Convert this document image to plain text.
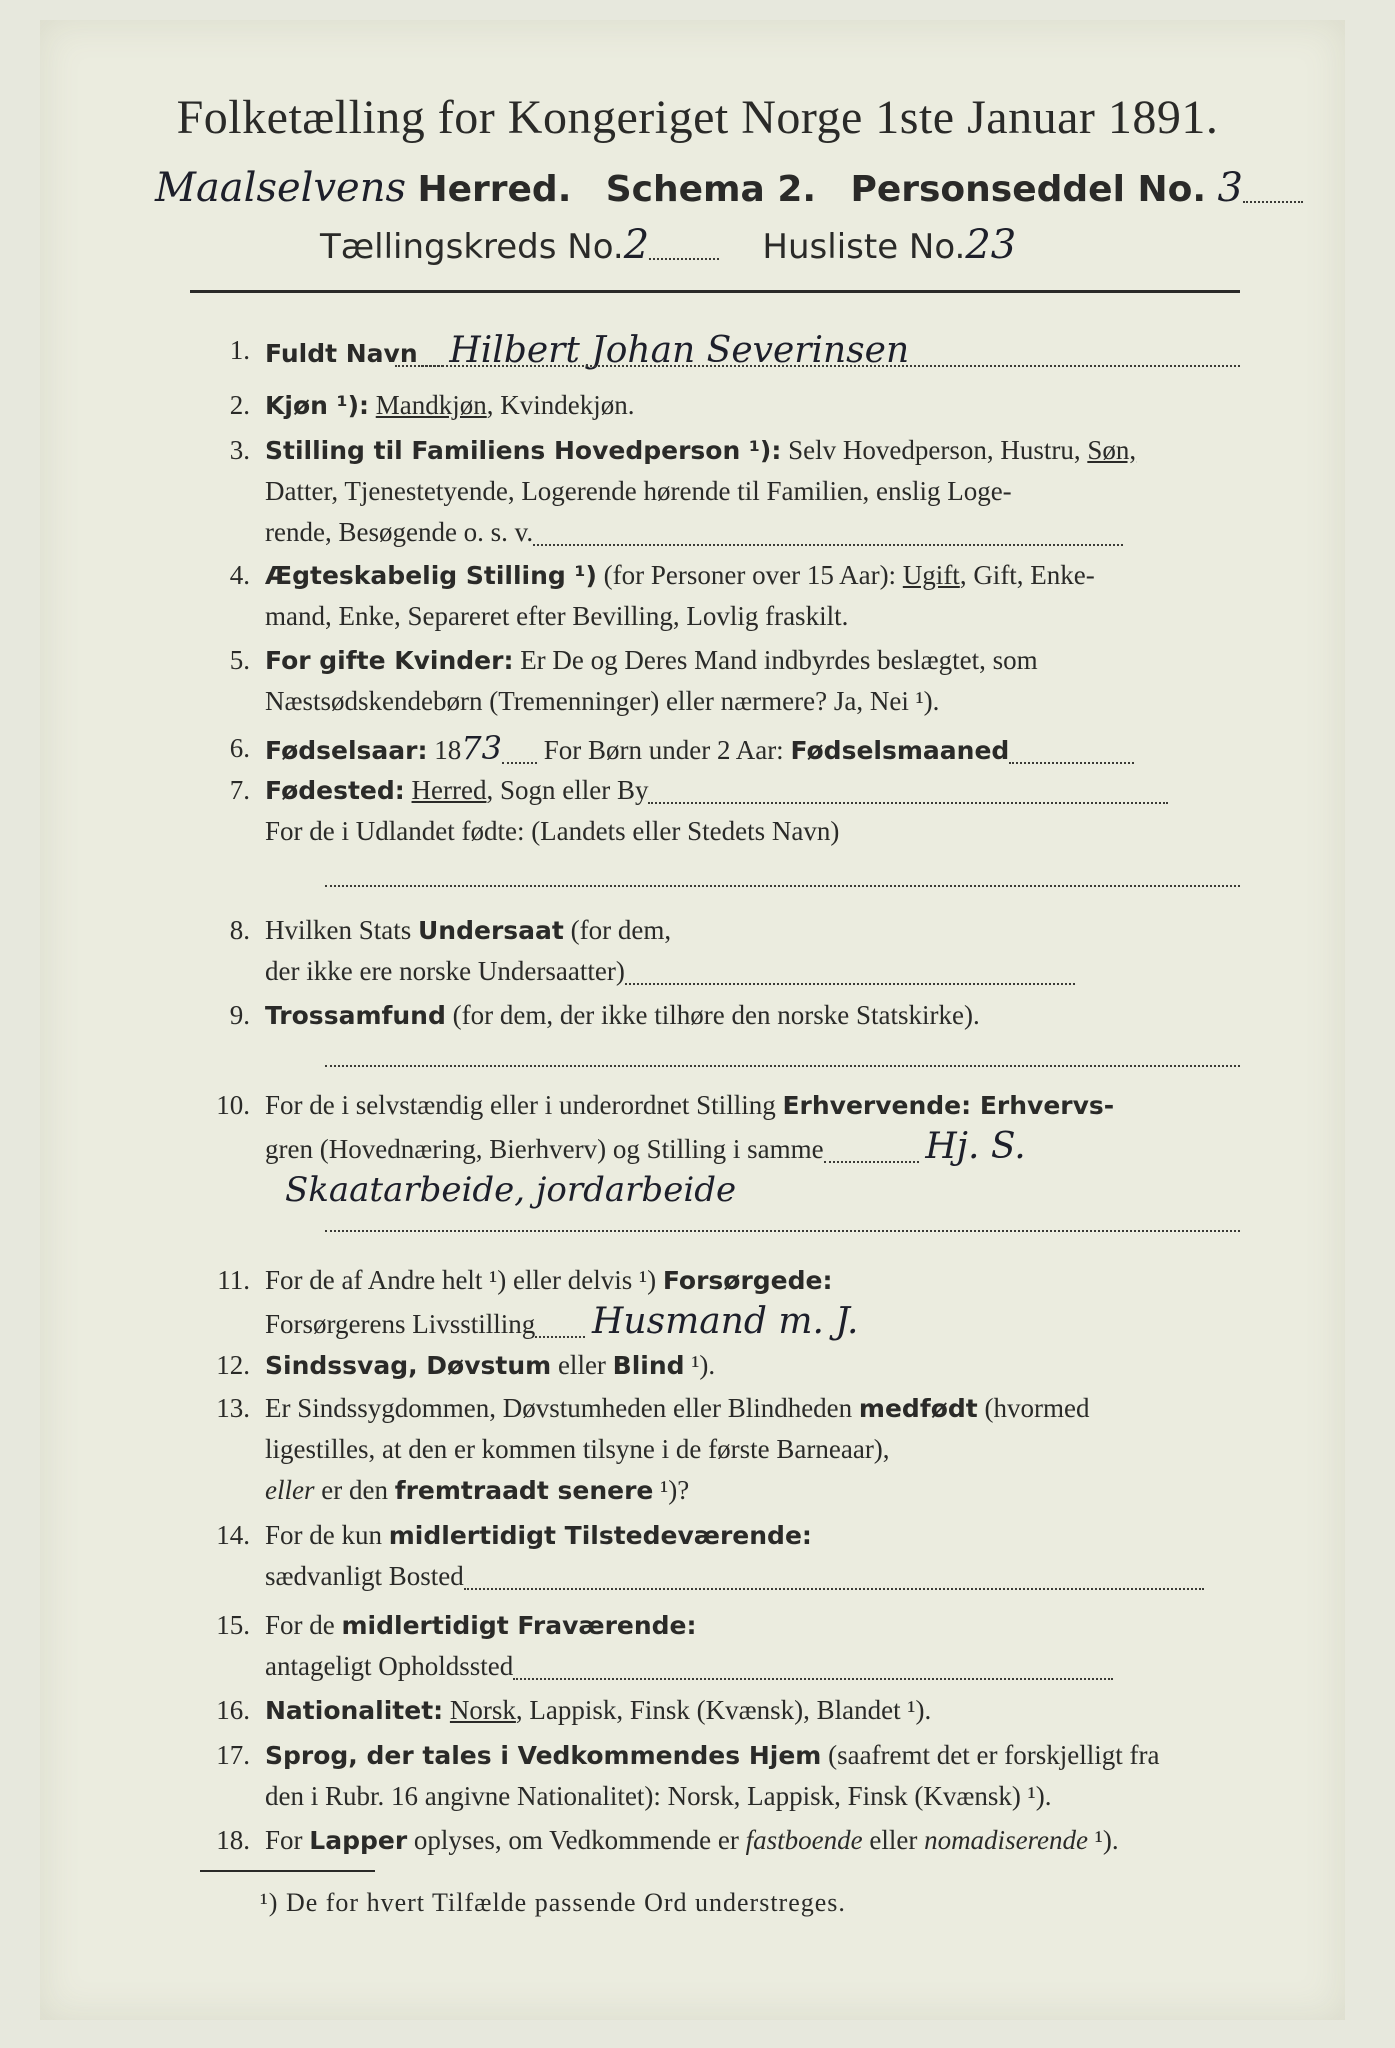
Folketælling for Kongeriget Norge 1ste Januar 1891.
Maalselvens Herred. Schema 2. Personseddel No. 3
Tællingskreds No.2	Husliste No.23
1. Fuldt Navn Hilbert Johan Severinsen
2. Kjøn ¹): Mandkjøn, Kvindekjøn.
3. Stilling til Familiens Hovedperson ¹): Selv Hovedperson, Hustru, Søn,
Datter, Tjenestetyende, Logerende hørende til Familien, enslig Loge-
rende, Besøgende o. s. v.
4. Ægteskabelig Stilling ¹) (for Personer over 15 Aar): Ugift, Gift, Enke-
mand, Enke, Separeret efter Bevilling, Lovlig fraskilt.
5. For gifte Kvinder: Er De og Deres Mand indbyrdes beslægtet, som
Næstsødskendebørn (Tremenninger) eller nærmere? Ja, Nei ¹).
6. Fødselsaar: 1873 For Børn under 2 Aar: Fødselsmaaned
7. Fødested: Herred, Sogn eller By
For de i Udlandet fødte: (Landets eller Stedets Navn)
8. Hvilken Stats Undersaat (for dem,
der ikke ere norske Undersaatter)
9. Trossamfund (for dem, der ikke tilhøre den norske Statskirke).
10. For de i selvstændig eller i underordnet Stilling Erhvervende: Erhvervs-
gren (Hovednæring, Bierhverv) og Stilling i samme	Hj. S.
Skaatarbeide, jordarbeide
11. For de af Andre helt ¹) eller delvis ¹) Forsørgede:
Forsørgerens Livsstilling Husmand m. J.
12. Sindssvag, Døvstum eller Blind ¹).
13. Er Sindssygdommen, Døvstumheden eller Blindheden medfødt (hvormed
ligestilles, at den er kommen tilsyne i de første Barneaar),
eller er den fremtraadt senere ¹)?
14. For de kun midlertidigt Tilstedeværende:
sædvanligt Bosted
15. For de midlertidigt Fraværende:
antageligt Opholdssted
16. Nationalitet: Norsk, Lappisk, Finsk (Kvænsk), Blandet ¹).
17. Sprog, der tales i Vedkommendes Hjem (saafremt det er forskjelligt fra
den i Rubr. 16 angivne Nationalitet): Norsk, Lappisk, Finsk (Kvænsk) ¹).
18. For Lapper oplyses, om Vedkommende er fastboende eller nomadiserende ¹).
¹) De for hvert Tilfælde passende Ord understreges.
